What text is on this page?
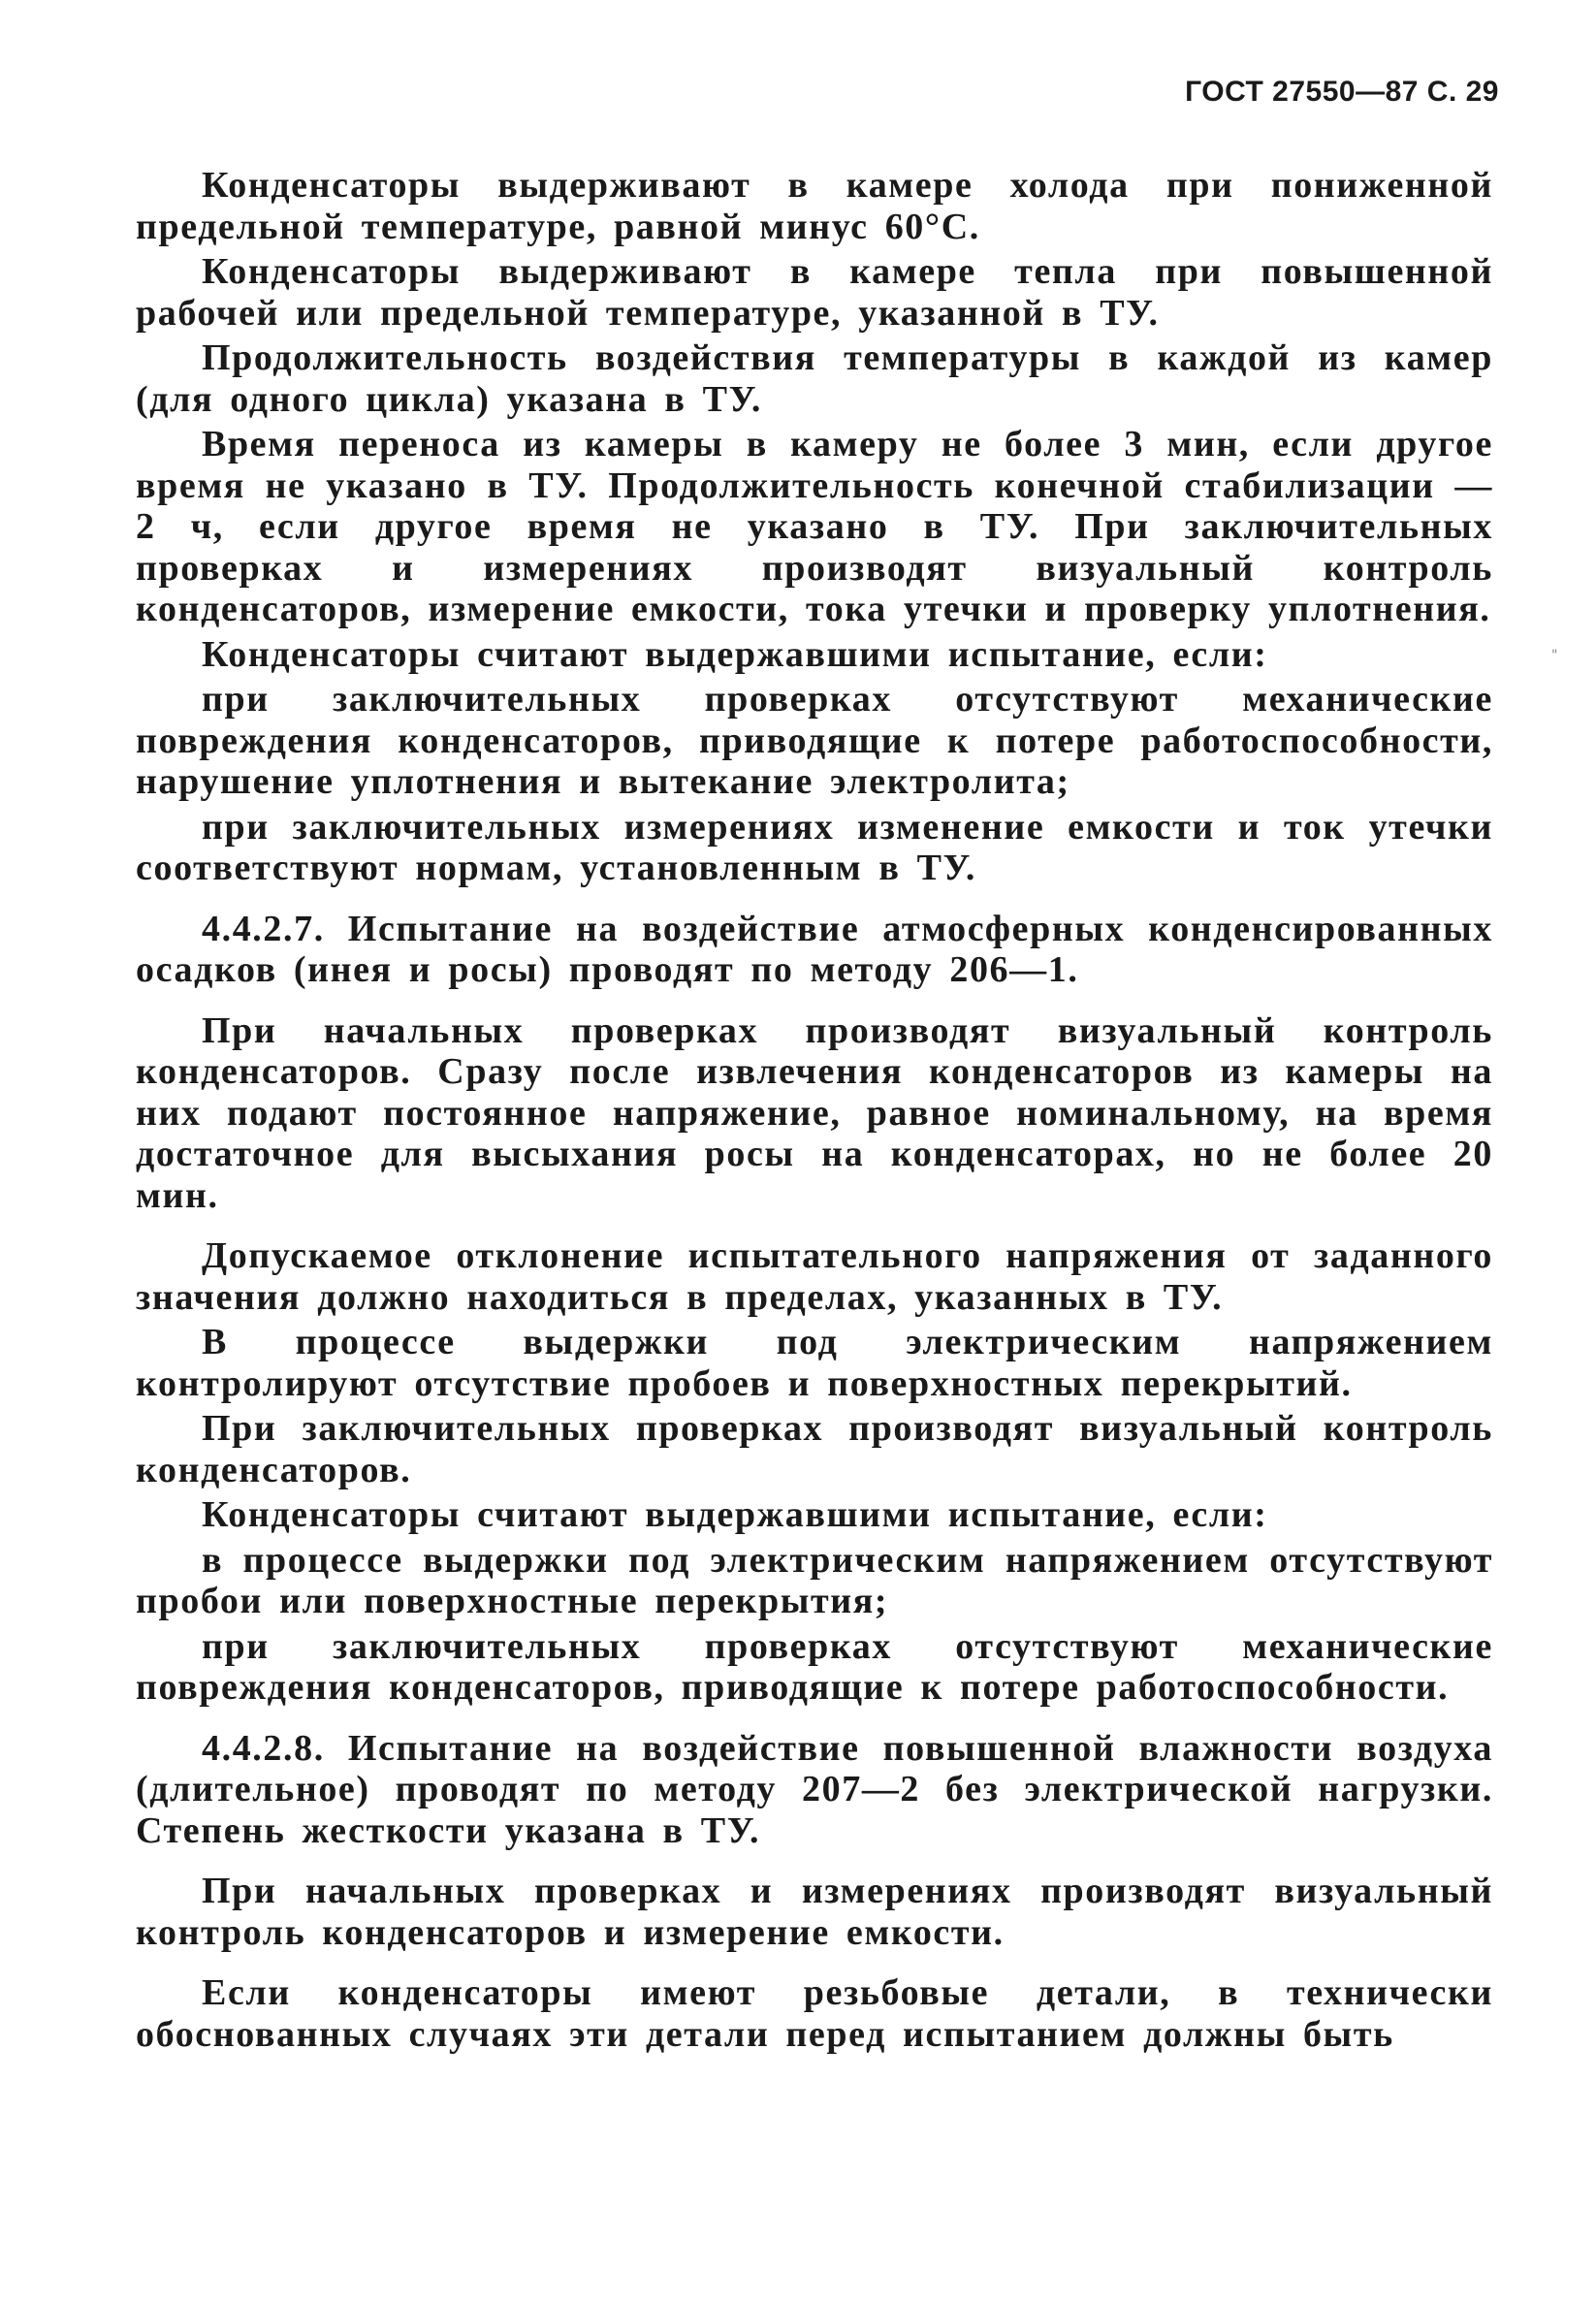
ГОСТ 27550—87 С. 29

Конденсаторы выдерживают в камере холода при пониженной предельной температуре, равной минус 60°С.

Конденсаторы выдерживают в камере тепла при повышенной рабочей или предельной температуре, указанной в ТУ.

Продолжительность воздействия температуры в каждой из камер (для одного цикла) указана в ТУ.

Время переноса из камеры в камеру не более 3 мин, если другое время не указано в ТУ. Продолжительность конечной стабилизации — 2 ч, если другое время не указано в ТУ. При заключительных проверках и измерениях производят визуальный контроль конденсаторов, измерение емкости, тока утечки и проверку уплотнения.

Конденсаторы считают выдержавшими испытание, если:

при заключительных проверках отсутствуют механические повреждения конденсаторов, приводящие к потере работоспособности, нарушение уплотнения и вытекание электролита;

при заключительных измерениях изменение емкости и ток утечки соответствуют нормам, установленным в ТУ.

4.4.2.7. Испытание на воздействие атмосферных конденсированных осадков (инея и росы) проводят по методу 206—1.

При начальных проверках производят визуальный контроль конденсаторов. Сразу после извлечения конденсаторов из камеры на них подают постоянное напряжение, равное номинальному, на время достаточное для высыхания росы на конденсаторах, но не более 20 мин.

Допускаемое отклонение испытательного напряжения от заданного значения должно находиться в пределах, указанных в ТУ.

В процессе выдержки под электрическим напряжением контролируют отсутствие пробоев и поверхностных перекрытий.

При заключительных проверках производят визуальный контроль конденсаторов.

Конденсаторы считают выдержавшими испытание, если:

в процессе выдержки под электрическим напряжением отсутствуют пробои или поверхностные перекрытия;

при заключительных проверках отсутствуют механические повреждения конденсаторов, приводящие к потере работоспособности.

4.4.2.8. Испытание на воздействие повышенной влажности воздуха (длительное) проводят по методу 207—2 без электрической нагрузки. Степень жесткости указана в ТУ.

При начальных проверках и измерениях производят визуальный контроль конденсаторов и измерение емкости.

Если конденсаторы имеют резьбовые детали, в технически обоснованных случаях эти детали перед испытанием должны быть

"
